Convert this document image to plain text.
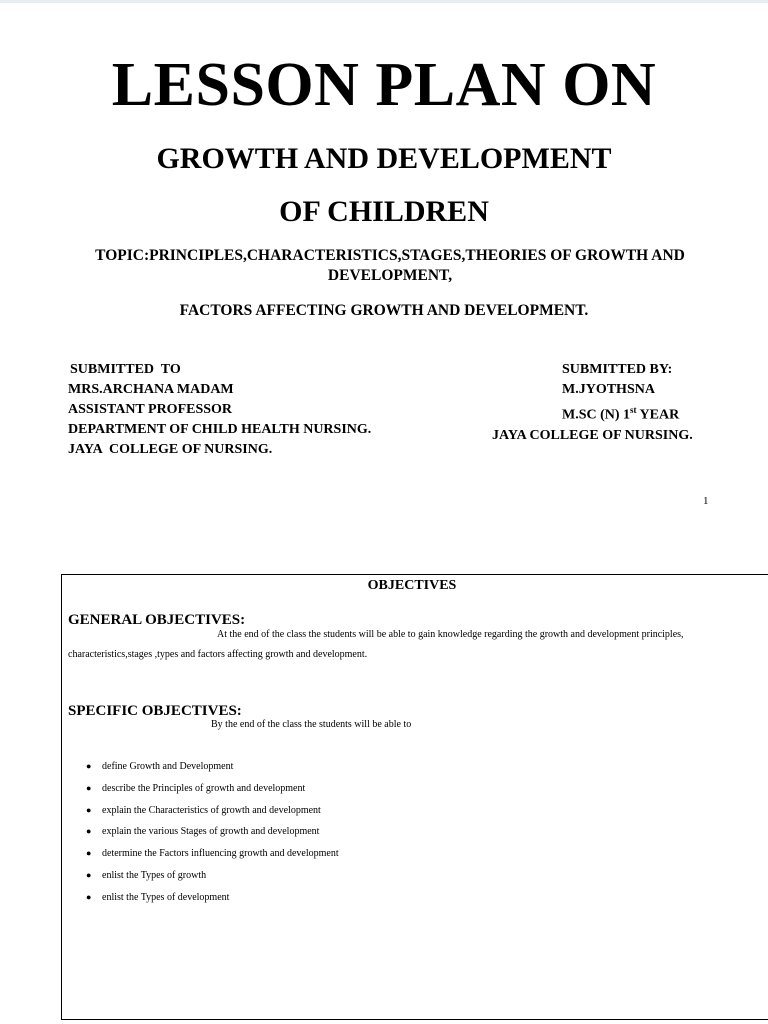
LESSON PLAN ON
GROWTH AND DEVELOPMENT
OF CHILDREN
TOPIC:PRINCIPLES,CHARACTERISTICS,STAGES,THEORIES OF GROWTH AND DEVELOPMENT,
FACTORS AFFECTING GROWTH AND DEVELOPMENT.
SUBMITTED  TO
MRS.ARCHANA MADAM
ASSISTANT PROFESSOR
DEPARTMENT OF CHILD HEALTH NURSING.
JAYA  COLLEGE OF NURSING.
SUBMITTED BY:
M.JYOTHSNA
M.SC (N) 1st YEAR
JAYA COLLEGE OF NURSING.
1
OBJECTIVES
GENERAL OBJECTIVES:
At the end of the class the students will be able to gain knowledge regarding the growth and development principles,
characteristics,stages ,types and factors affecting growth and development.
SPECIFIC OBJECTIVES:
By the end of the class the students will be able to
● define Growth and Development
● describe the Principles of growth and development
● explain the Characteristics of growth and development
● explain the various Stages of growth and development
● determine the Factors influencing growth and development
● enlist the Types of growth
● enlist the Types of development
